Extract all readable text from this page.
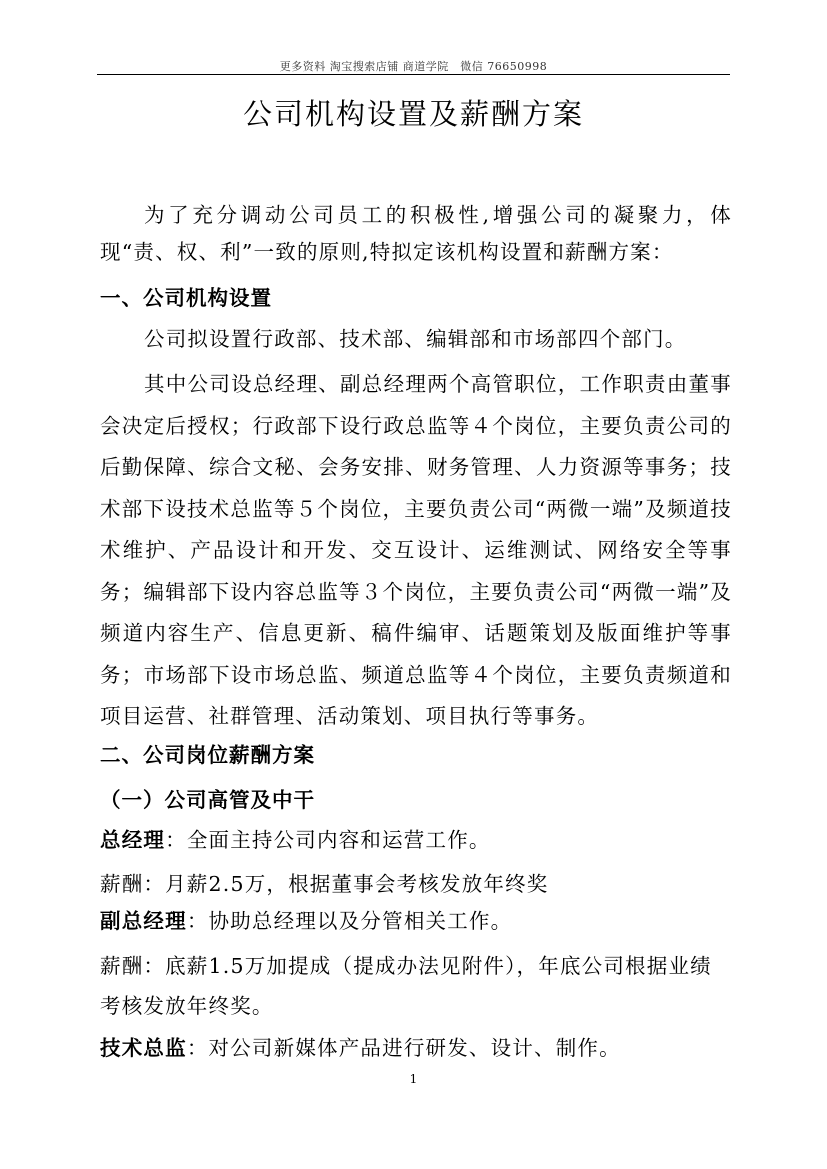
更多资料 淘宝搜索店铺 商道学院　微信 76650998
公司机构设置及薪酬方案
为了充分调动公司员工的积极性,增强公司的凝聚力，体现“责、权、利”一致的原则,特拟定该机构设置和薪酬方案：
一、公司机构设置
公司拟设置行政部、技术部、编辑部和市场部四个部门。
其中公司设总经理、副总经理两个高管职位，工作职责由董事会决定后授权；行政部下设行政总监等４个岗位，主要负责公司的后勤保障、综合文秘、会务安排、财务管理、人力资源等事务；技术部下设技术总监等５个岗位，主要负责公司“两微一端”及频道技术维护、产品设计和开发、交互设计、运维测试、网络安全等事务；编辑部下设内容总监等３个岗位，主要负责公司“两微一端”及频道内容生产、信息更新、稿件编审、话题策划及版面维护等事务；市场部下设市场总监、频道总监等４个岗位，主要负责频道和项目运营、社群管理、活动策划、项目执行等事务。
二、公司岗位薪酬方案
（一）公司高管及中干
总经理：全面主持公司内容和运营工作。
薪酬：月薪2.5万，根据董事会考核发放年终奖
副总经理：协助总经理以及分管相关工作。
薪酬：底薪1.5万加提成（提成办法见附件），年底公司根据业绩考核发放年终奖。
技术总监：对公司新媒体产品进行研发、设计、制作。
1
